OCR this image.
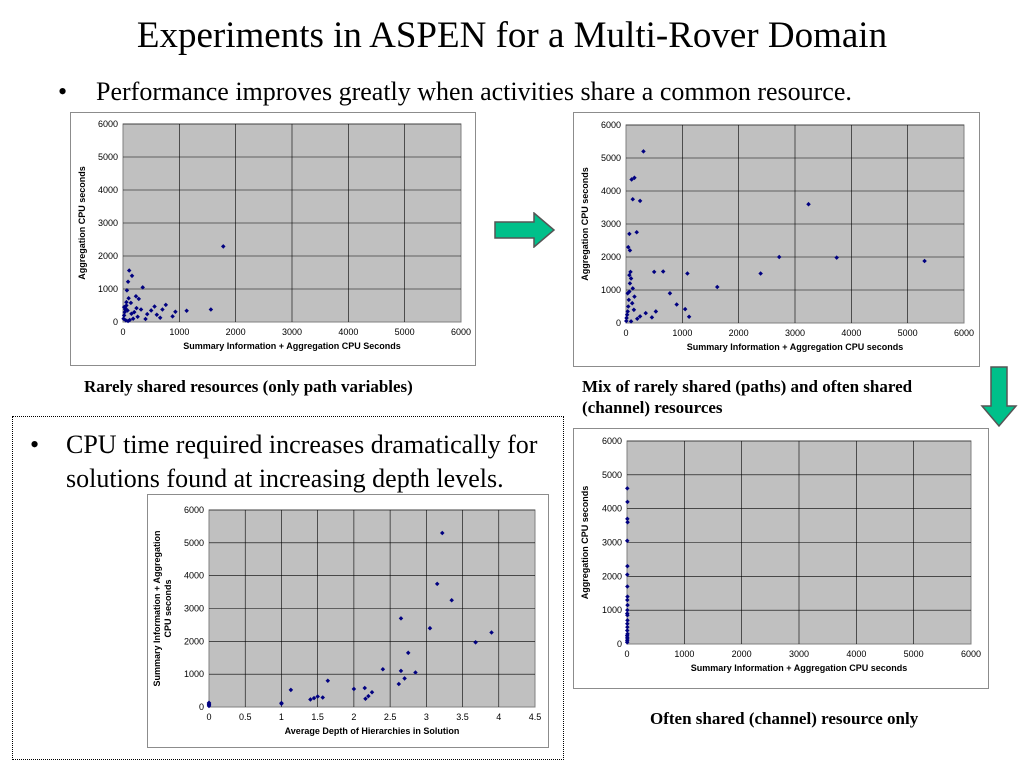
Experiments in ASPEN for a Multi-Rover Domain
• Performance improves greatly when activities share a common resource.
0
1000
2000
3000
4000
5000
6000
0	1000	2000	3000	4000	5000	6000
Summary Information + Aggregation CPU Seconds
Aggregation CPU seconds
Rarely shared resources (only path variables)
0
1000
2000
3000
4000
5000
6000
0	1000	2000	3000	4000	5000	6000
Summary Information + Aggregation CPU seconds
Aggregation CPU seconds
Mix of rarely shared (paths) and often shared (channel) resources
• CPU time required increases dramatically for solutions found at increasing depth levels.
0
1000
2000
3000
4000
5000
6000
0	0.5	1	1.5	2	2.5	3	3.5	4	4.5
Average Depth of Hierarchies in Solution
Summary Information + AggregationCPU seconds
0
1000
2000
3000
4000
5000
6000
0	1000	2000	3000	4000	5000	6000
Summary Information + Aggregation CPU seconds
Aggregation CPU seconds
Often shared (channel) resource only
